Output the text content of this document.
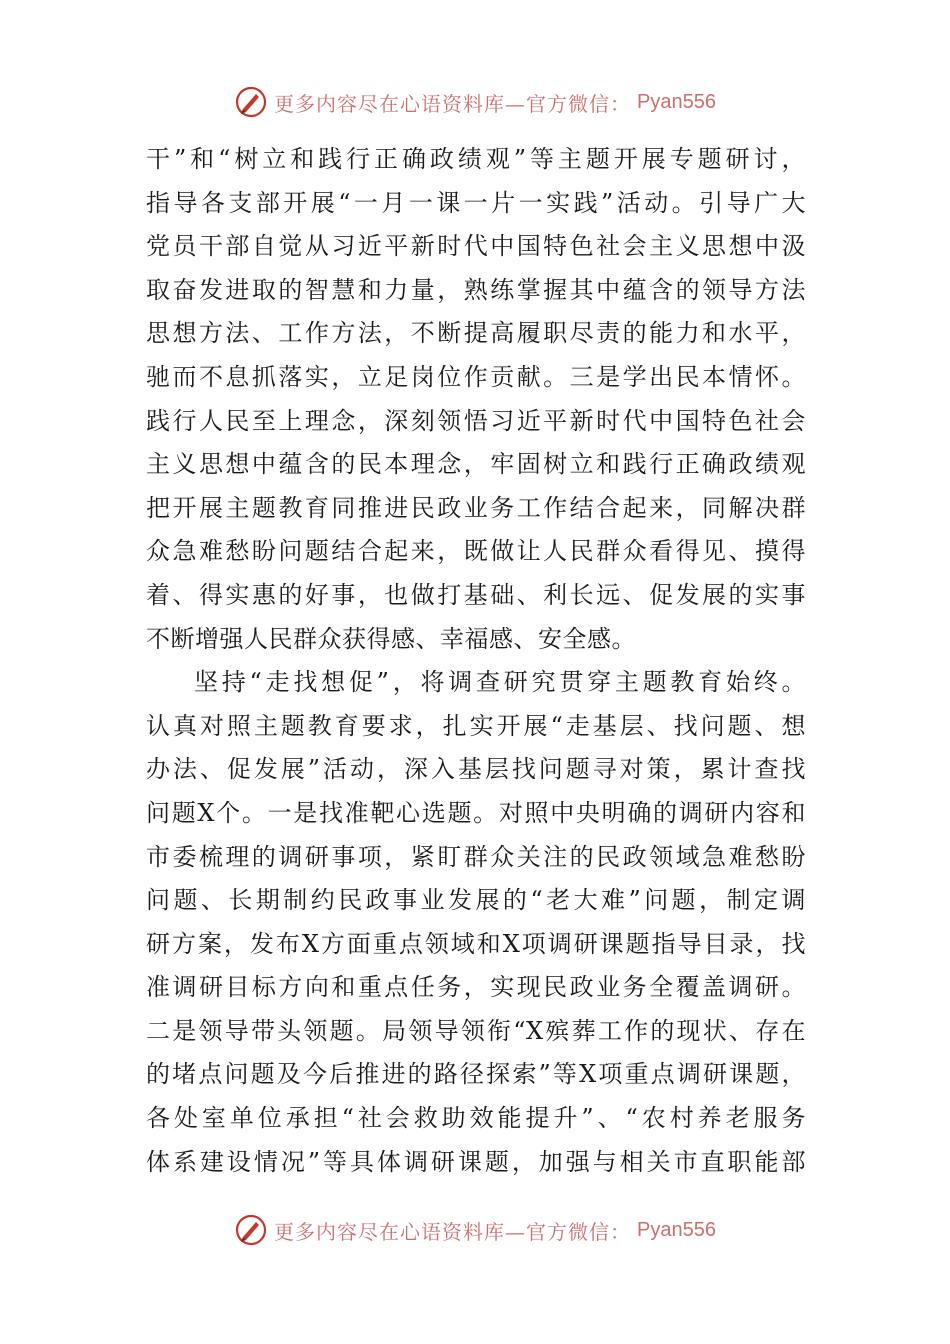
更多内容尽在心语资料库—官方微信： Pyan556
干”和“树立和践行正确政绩观”等主题开展专题研讨，
指导各支部开展“一月一课一片一实践”活动。引导广大
党员干部自觉从习近平新时代中国特色社会主义思想中汲
取奋发进取的智慧和力量，熟练掌握其中蕴含的领导方法
思想方法、工作方法，不断提高履职尽责的能力和水平，
驰而不息抓落实，立足岗位作贡献。三是学出民本情怀。
践行人民至上理念，深刻领悟习近平新时代中国特色社会
主义思想中蕴含的民本理念，牢固树立和践行正确政绩观
把开展主题教育同推进民政业务工作结合起来，同解决群
众急难愁盼问题结合起来，既做让人民群众看得见、摸得
着、得实惠的好事，也做打基础、利长远、促发展的实事
不断增强人民群众获得感、幸福感、安全感。
坚持“走找想促”，将调查研究贯穿主题教育始终。
认真对照主题教育要求，扎实开展“走基层、找问题、想
办法、促发展”活动，深入基层找问题寻对策，累计查找
问题X个。一是找准靶心选题。对照中央明确的调研内容和
市委梳理的调研事项，紧盯群众关注的民政领域急难愁盼
问题、长期制约民政事业发展的“老大难”问题，制定调
研方案，发布X方面重点领域和X项调研课题指导目录，找
准调研目标方向和重点任务，实现民政业务全覆盖调研。
二是领导带头领题。局领导领衔“X殡葬工作的现状、存在
的堵点问题及今后推进的路径探索”等X项重点调研课题，
各处室单位承担“社会救助效能提升”、“农村养老服务
体系建设情况”等具体调研课题，加强与相关市直职能部
更多内容尽在心语资料库—官方微信： Pyan556
